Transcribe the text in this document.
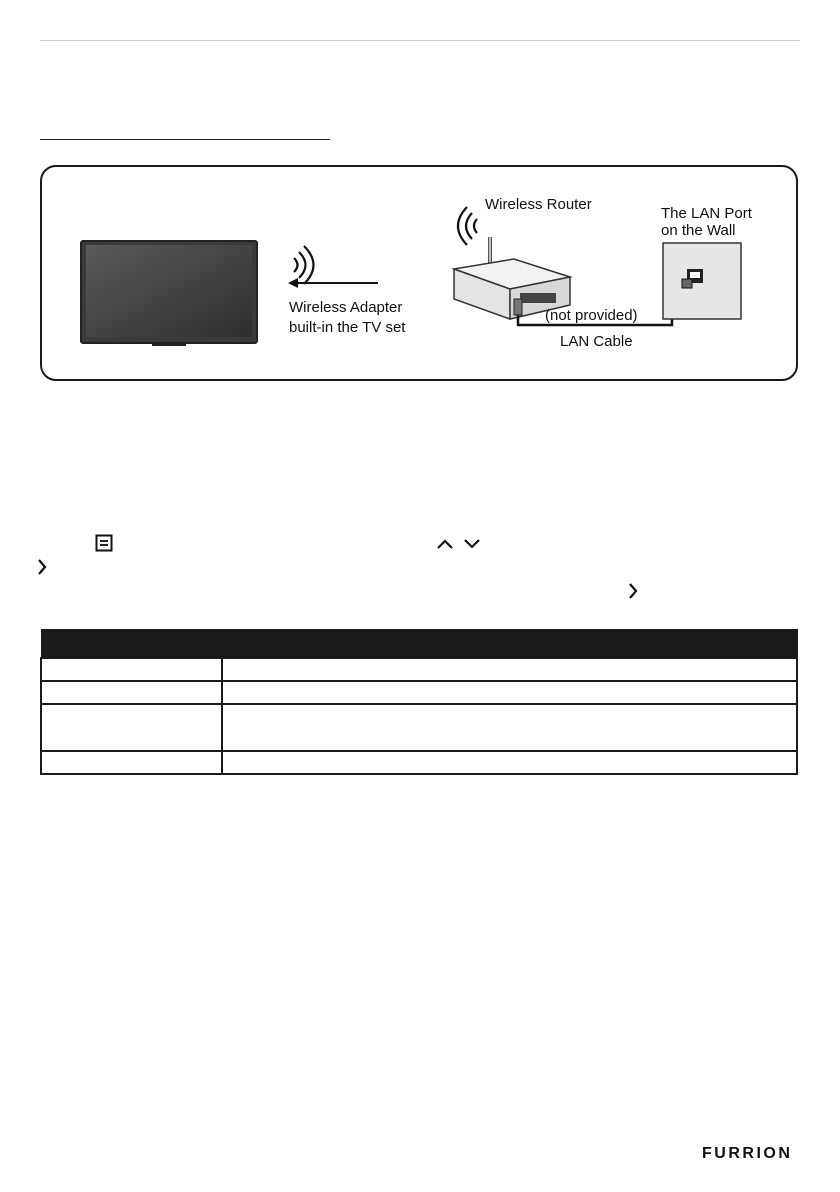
Wireless Router
The LAN Port
on the Wall
Wireless Adapter
built-in the TV set
(not provided)
LAN Cable

FURRION
